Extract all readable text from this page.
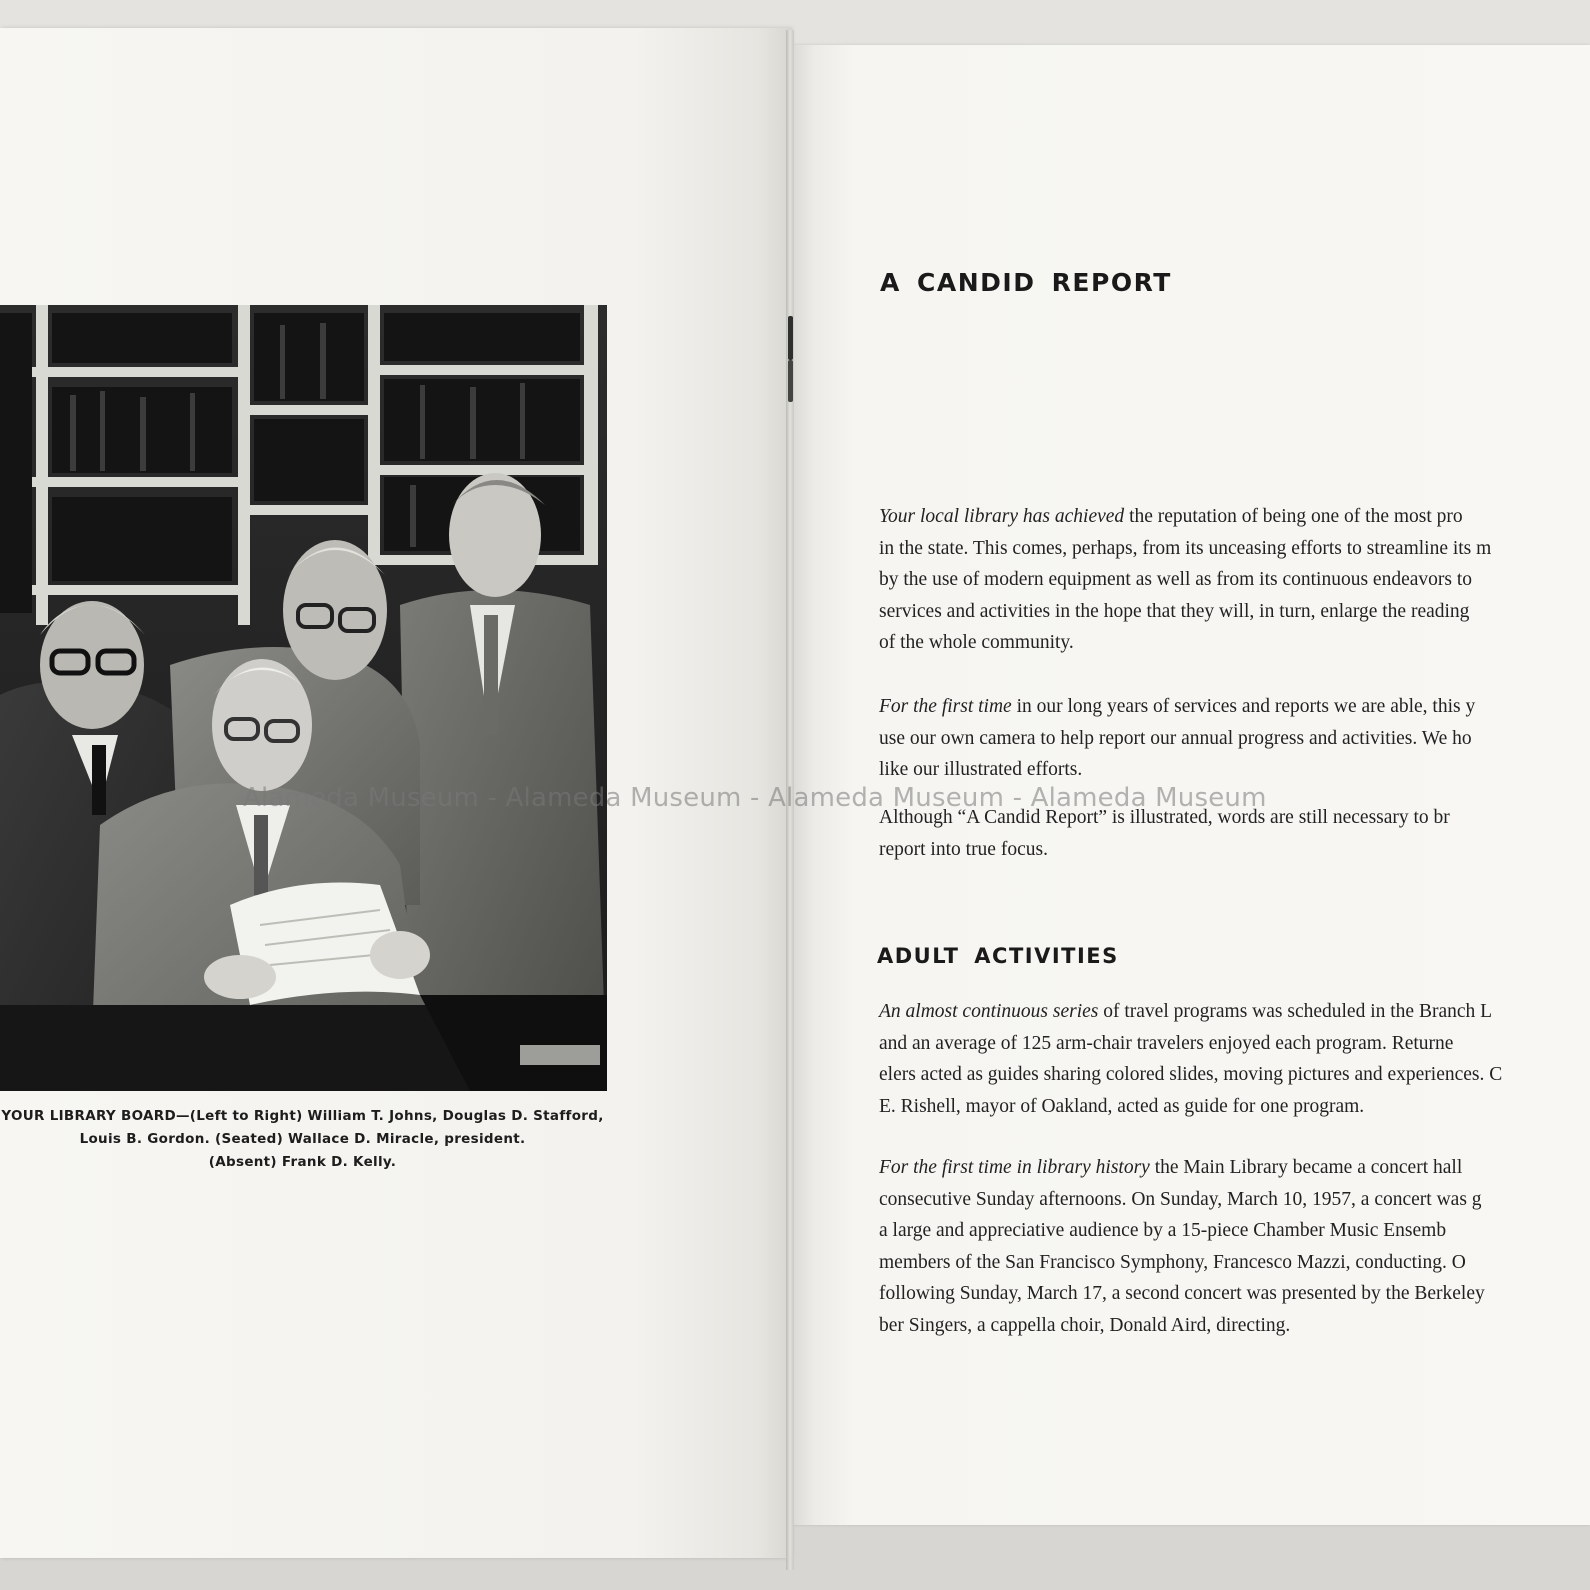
YOUR LIBRARY BOARD—(Left to Right) William T. Johns, Douglas D. Stafford,
Louis B. Gordon. (Seated) Wallace D. Miracle, president.
(Absent) Frank D. Kelly.
A CANDID REPORT
Your local library has achieved the reputation of being one of the most pro
in the state. This comes, perhaps, from its unceasing efforts to streamline its m
by the use of modern equipment as well as from its continuous endeavors to
services and activities in the hope that they will, in turn, enlarge the reading
of the whole community.
For the first time in our long years of services and reports we are able, this y
use our own camera to help report our annual progress and activities. We ho
like our illustrated efforts.
Although “A Candid Report” is illustrated, words are still necessary to br
report into true focus.
ADULT ACTIVITIES
An almost continuous series of travel programs was scheduled in the Branch L
and an average of 125 arm-chair travelers enjoyed each program. Returne
elers acted as guides sharing colored slides, moving pictures and experiences. C
E. Rishell, mayor of Oakland, acted as guide for one program.
For the first time in library history the Main Library became a concert hall
consecutive Sunday afternoons. On Sunday, March 10, 1957, a concert was g
a large and appreciative audience by a 15-piece Chamber Music Ensemb
members of the San Francisco Symphony, Francesco Mazzi, conducting. O
following Sunday, March 17, a second concert was presented by the Berkeley
ber Singers, a cappella choir, Donald Aird, directing.
Alameda Museum - Alameda Museum - Alameda Museum - Alameda Museum
